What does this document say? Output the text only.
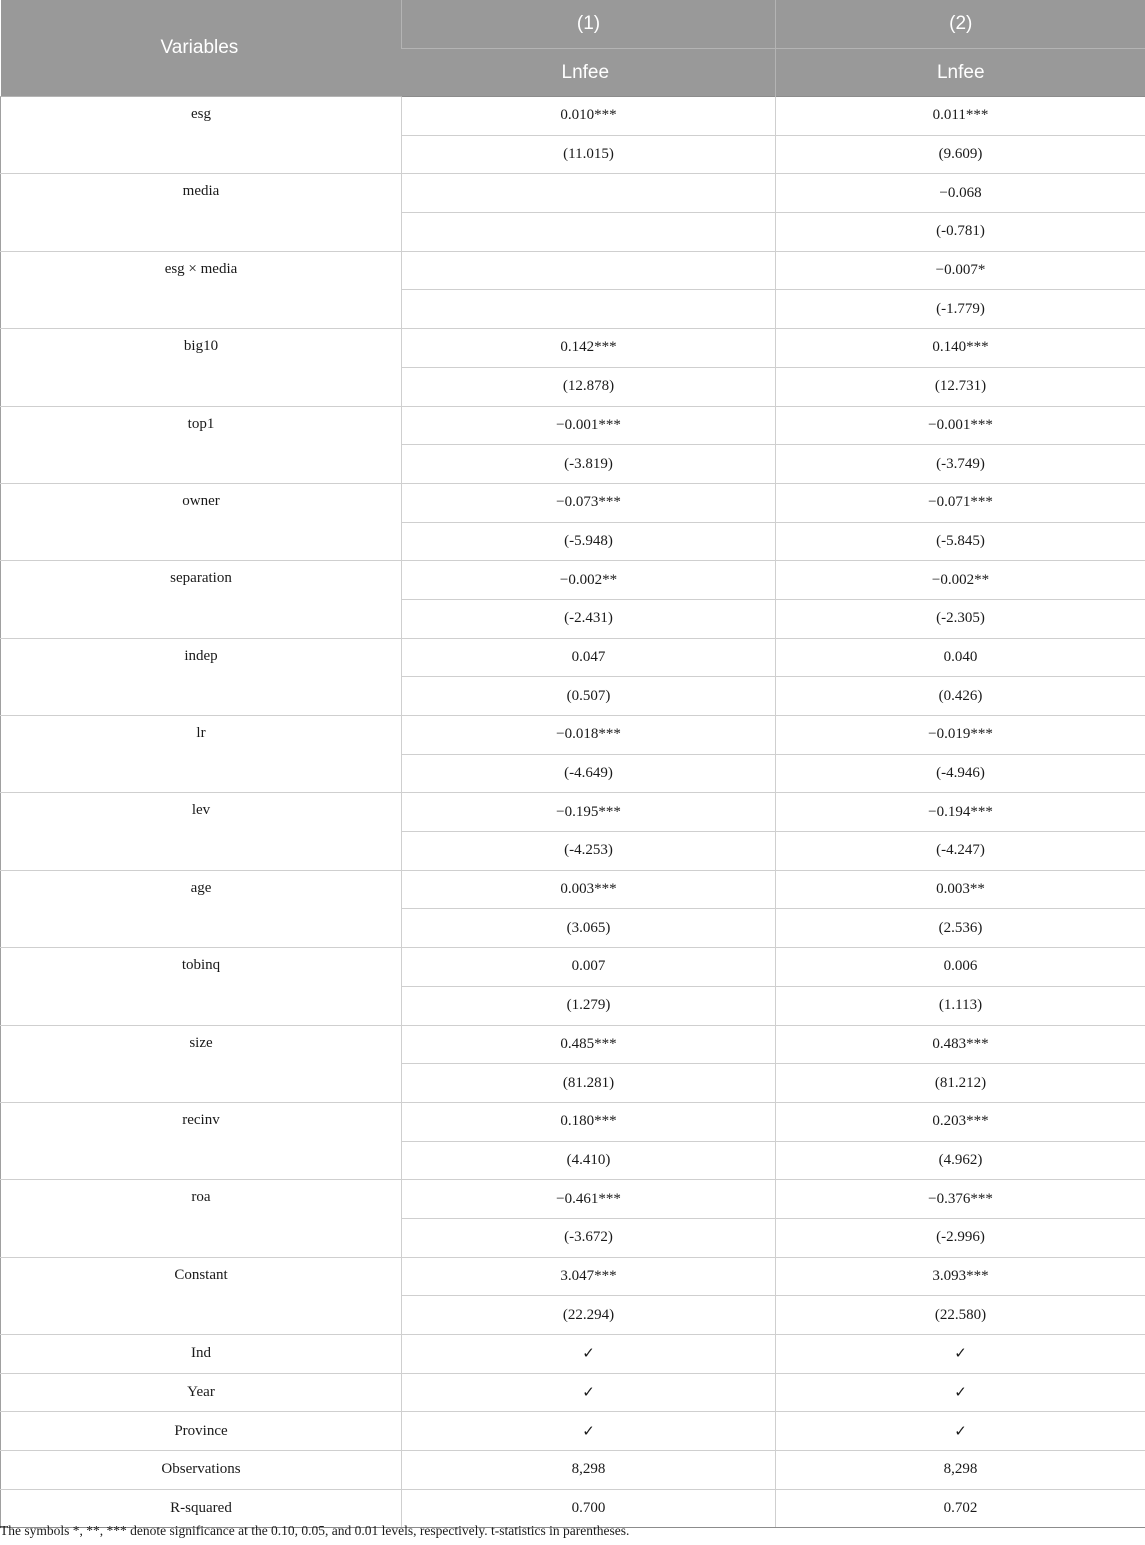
Variables	(1)	(2)
	Lnfee	Lnfee
esg	0.010***	0.011***
	(11.015)	(9.609)
media		−0.068
		(-0.781)
esg × media		−0.007*
		(-1.779)
big10	0.142***	0.140***
	(12.878)	(12.731)
top1	−0.001***	−0.001***
	(-3.819)	(-3.749)
owner	−0.073***	−0.071***
	(-5.948)	(-5.845)
separation	−0.002**	−0.002**
	(-2.431)	(-2.305)
indep	0.047	0.040
	(0.507)	(0.426)
lr	−0.018***	−0.019***
	(-4.649)	(-4.946)
lev	−0.195***	−0.194***
	(-4.253)	(-4.247)
age	0.003***	0.003**
	(3.065)	(2.536)
tobinq	0.007	0.006
	(1.279)	(1.113)
size	0.485***	0.483***
	(81.281)	(81.212)
recinv	0.180***	0.203***
	(4.410)	(4.962)
roa	−0.461***	−0.376***
	(-3.672)	(-2.996)
Constant	3.047***	3.093***
	(22.294)	(22.580)
Ind	✓	✓
Year	✓	✓
Province	✓	✓
Observations	8,298	8,298
R-squared	0.700	0.702
The symbols *, **, *** denote significance at the 0.10, 0.05, and 0.01 levels, respectively. t-statistics in parentheses.
